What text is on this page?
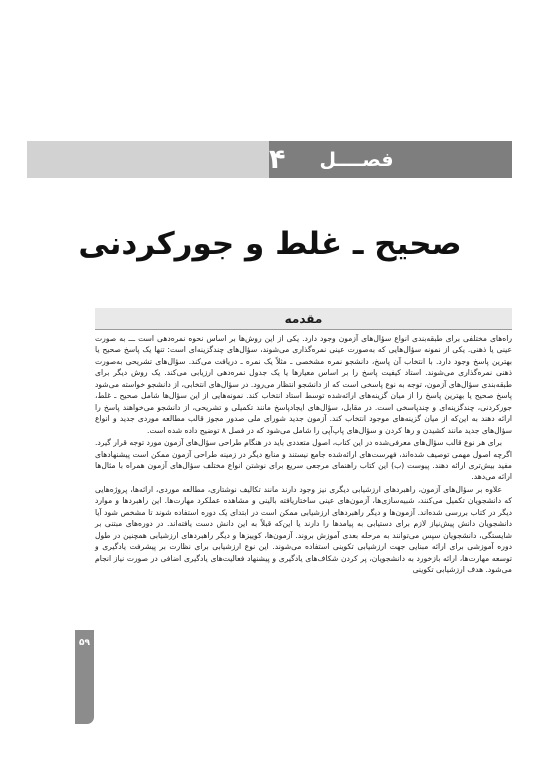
فصــــل
۴
صحیح ـ غلط و جورکردنی
مقدمه

راه‌های مختلفی برای طبقه‌بندی انواع سؤال‌های آزمون وجود دارد. یکی از این روش‌ها بر اساس نحوه نمره‌دهی است ـــ به صورت عینی یا ذهنی. یکی از نمونه سؤال‌هایی که به‌صورت عینی نمره‌گذاری می‌شوند، سؤال‌های چندگزینه‌ای است: تنها یک پاسخ صحیح یا بهترین پاسخ وجود دارد. با انتخاب آن پاسخ، دانشجو نمره مشخصی ـ مثلاً یک نمره ـ دریافت می‌کند. سؤال‌های تشریحی به‌صورت ذهنی نمره‌گذاری می‌شوند. استاد کیفیت پاسخ را بر اساس معیارها یا یک جدول نمره‌دهی ارزیابی می‌کند. یک روش دیگر برای طبقه‌بندی سؤال‌های آزمون، توجه به نوع پاسخی است که از دانشجو انتظار می‌رود. در سؤال‌های انتخابی، از دانشجو خواسته می‌شود پاسخ صحیح یا بهترین پاسخ را از میان گزینه‌های ارائه‌شده توسط استاد انتخاب کند. نمونه‌هایی از این سؤال‌ها شامل صحیح ـ غلط، جورکردنی، چندگزینه‌ای و چندپاسخی است. در مقابل، سؤال‌های ایجادپاسخ مانند تکمیلی و تشریحی، از دانشجو می‌خواهند پاسخ را ارائه دهند به این‌که از میان گزینه‌های موجود انتخاب کند. آزمون جدید شورای ملی صدور مجوز قالب مطالعه موردی جدید و انواع سؤال‌های جدید مانند کشیدن و رها کردن و سؤال‌های پاپ‌آپی را شامل می‌شود که در فصل ۸ توضیح داده شده است.

برای هر نوع قالب سؤال‌های معرفی‌شده در این کتاب، اصول متعددی باید در هنگام طراحی سؤال‌های آزمون مورد توجه قرار گیرد. اگرچه اصول مهمی توصیف شده‌اند، فهرست‌های ارائه‌شده جامع نیستند و منابع دیگر در زمینه طراحی آزمون ممکن است پیشنهادهای مفید بیش‌تری ارائه دهند. پیوست (ب) این کتاب راهنمای مرجعی سریع برای نوشتن انواع مختلف سؤال‌های آزمون همراه با مثال‌ها ارائه می‌دهد.

علاوه بر سؤال‌های آزمون، راهبردهای ارزشیابی دیگری نیز وجود دارند مانند تکالیف نوشتاری، مطالعه موردی، ارائه‌ها، پروژه‌هایی که دانشجویان تکمیل می‌کنند، شبیه‌سازی‌ها، آزمون‌های عینی ساختاریافته بالینی و مشاهده عملکرد مهارت‌ها. این راهبردها و موارد دیگر در کتاب بررسی شده‌اند. آزمون‌ها و دیگر راهبردهای ارزشیابی ممکن است در ابتدای یک دوره استفاده شوند تا مشخص شود آیا دانشجویان دانش پیش‌نیاز لازم برای دستیابی به پیامدها را دارند یا این‌که قبلاً به این دانش دست یافته‌اند. در دوره‌های مبتنی بر شایستگی، دانشجویان سپس می‌توانند به مرحله بعدی آموزش بروند. آزمون‌ها، کوییزها و دیگر راهبردهای ارزشیابی همچنین در طول دوره آموزشی برای ارائه مبنایی جهت ارزشیابی تکوینی استفاده می‌شوند. این نوع ارزشیابی برای نظارت بر پیشرفت یادگیری و توسعه مهارت‌ها، ارائه بازخورد به دانشجویان، پر کردن شکاف‌های یادگیری و پیشنهاد فعالیت‌های یادگیری اضافی در صورت نیاز انجام می‌شود. هدف ارزشیابی تکوینی

۵۹
